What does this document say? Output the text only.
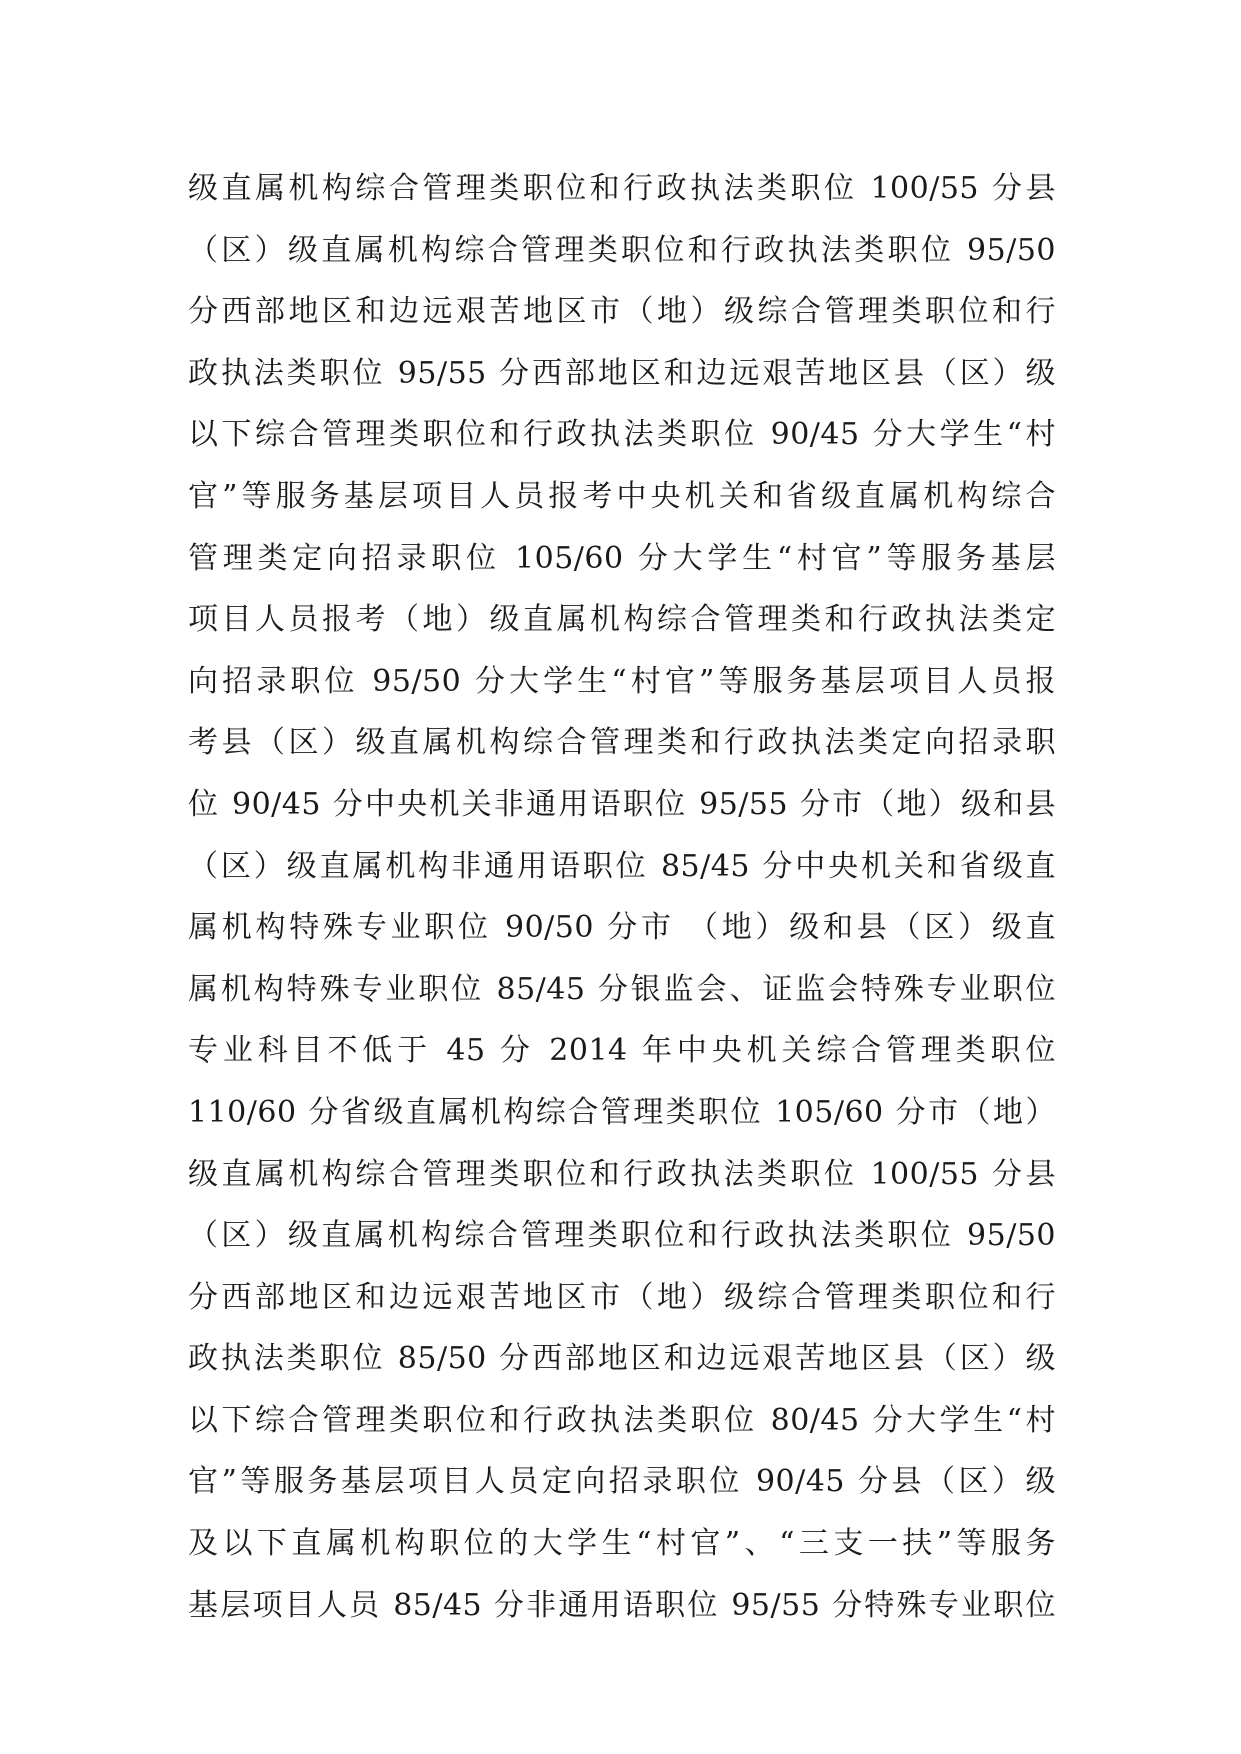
级直属机构综合管理类职位和行政执法类职位 100/55 分县
（区）级直属机构综合管理类职位和行政执法类职位 95/50
分西部地区和边远艰苦地区市（地）级综合管理类职位和行
政执法类职位 95/55 分西部地区和边远艰苦地区县（区）级
以下综合管理类职位和行政执法类职位 90/45 分大学生“村
官”等服务基层项目人员报考中央机关和省级直属机构综合
管理类定向招录职位 105/60 分大学生“村官”等服务基层
项目人员报考（地）级直属机构综合管理类和行政执法类定
向招录职位 95/50 分大学生“村官”等服务基层项目人员报
考县（区）级直属机构综合管理类和行政执法类定向招录职
位 90/45 分中央机关非通用语职位 95/55 分市（地）级和县
（区）级直属机构非通用语职位 85/45 分中央机关和省级直
属机构特殊专业职位 90/50 分市 （地）级和县（区）级直
属机构特殊专业职位 85/45 分银监会、证监会特殊专业职位
专业科目不低于 45 分 2014 年中央机关综合管理类职位
110/60 分省级直属机构综合管理类职位 105/60 分市（地）
级直属机构综合管理类职位和行政执法类职位 100/55 分县
（区）级直属机构综合管理类职位和行政执法类职位 95/50
分西部地区和边远艰苦地区市（地）级综合管理类职位和行
政执法类职位 85/50 分西部地区和边远艰苦地区县（区）级
以下综合管理类职位和行政执法类职位 80/45 分大学生“村
官”等服务基层项目人员定向招录职位 90/45 分县（区）级
及以下直属机构职位的大学生“村官”、“三支一扶”等服务
基层项目人员 85/45 分非通用语职位 95/55 分特殊专业职位
